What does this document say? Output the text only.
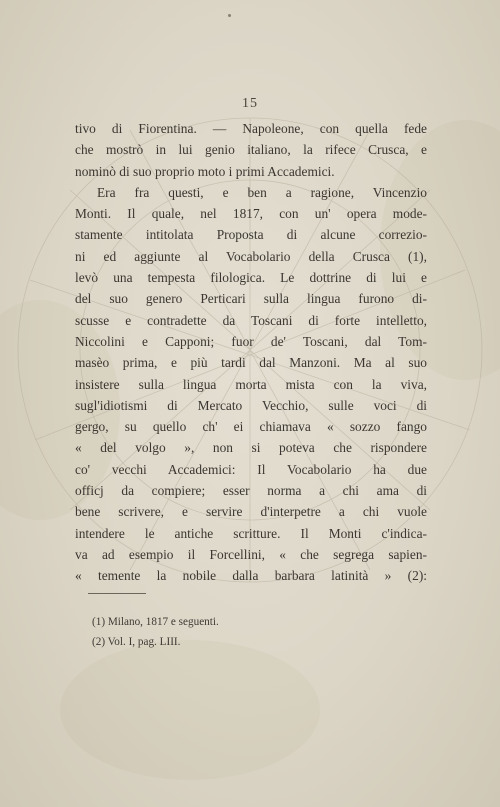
15
tivo di Fiorentina. — Napoleone, con quella fede
che mostrò in lui genio italiano, la rifece Crusca, e
nominò di suo proprio moto i primi Accademici.
Era fra questi, e ben a ragione, Vincenzio
Monti. Il quale, nel 1817, con un' opera mode-
stamente intitolata Proposta di alcune correzio-
ni ed aggiunte al Vocabolario della Crusca (1),
levò una tempesta filologica. Le dottrine di lui e
del suo genero Perticari sulla lingua furono di-
scusse e contradette da Toscani di forte intelletto,
Niccolini e Capponi; fuor de' Toscani, dal Tom-
masèo prima, e più tardi dal Manzoni. Ma al suo
insistere sulla lingua morta mista con la viva,
sugl'idiotismi di Mercato Vecchio, sulle voci di
gergo, su quello ch' ei chiamava « sozzo fango
« del volgo », non si poteva che rispondere
co' vecchi Accademici: Il Vocabolario ha due
officj da compiere; esser norma a chi ama di
bene scrivere, e servire d'interpetre a chi vuole
intendere le antiche scritture. Il Monti c'indica-
va ad esempio il Forcellini, « che segrega sapien-
« temente la nobile dalla barbara latinità » (2):
(1) Milano, 1817 e seguenti.
(2) Vol. I, pag. LIII.
